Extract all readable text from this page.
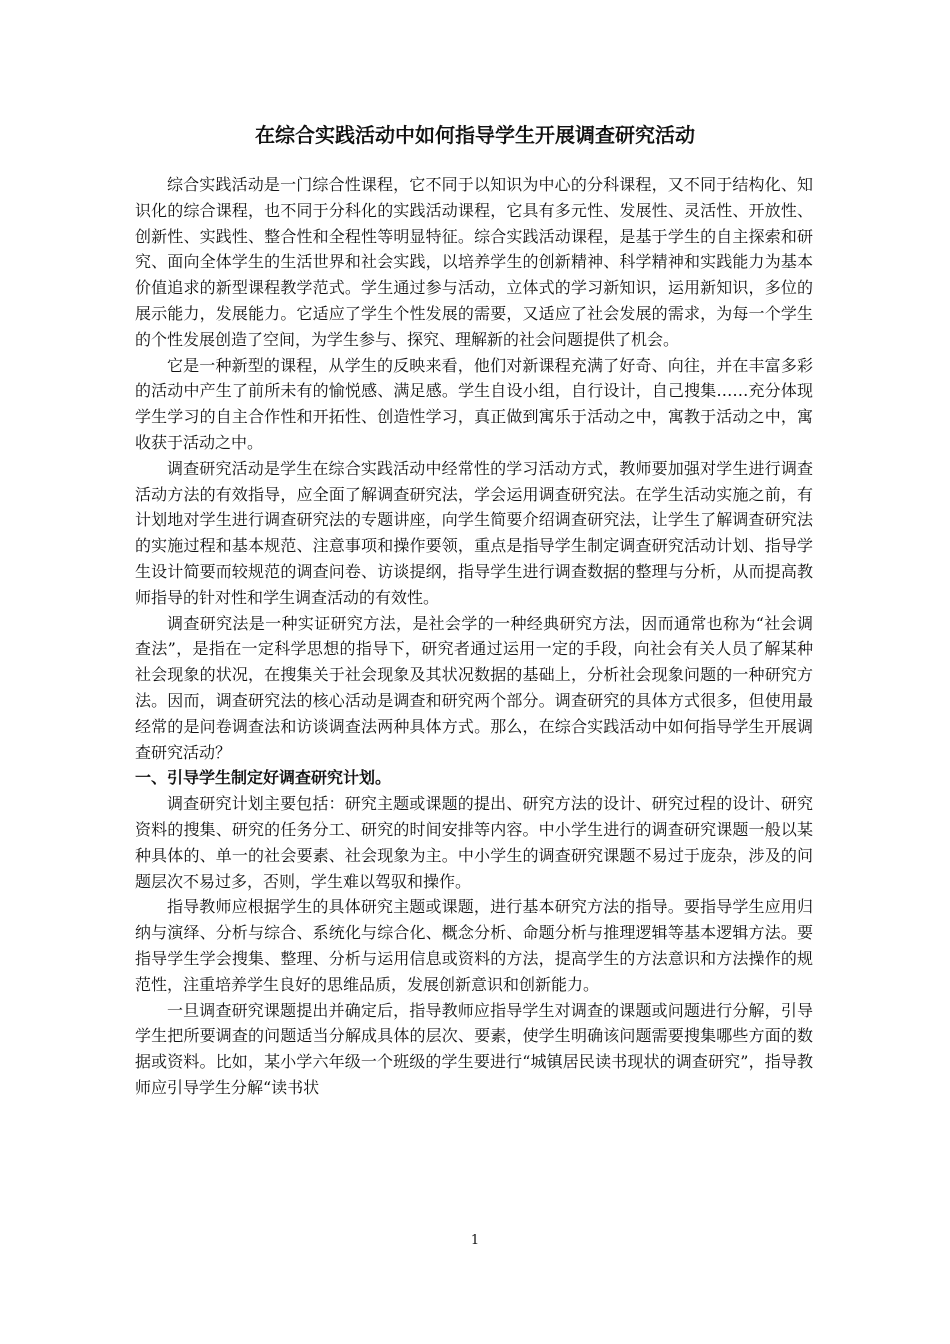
在综合实践活动中如何指导学生开展调查研究活动

综合实践活动是一门综合性课程，它不同于以知识为中心的分科课程，又不同于结构化、知识化的综合课程，也不同于分科化的实践活动课程，它具有多元性、发展性、灵活性、开放性、创新性、实践性、整合性和全程性等明显特征。综合实践活动课程，是基于学生的自主探索和研究、面向全体学生的生活世界和社会实践，以培养学生的创新精神、科学精神和实践能力为基本价值追求的新型课程教学范式。学生通过参与活动，立体式的学习新知识，运用新知识，多位的展示能力，发展能力。它适应了学生个性发展的需要，又适应了社会发展的需求，为每一个学生的个性发展创造了空间，为学生参与、探究、理解新的社会问题提供了机会。

它是一种新型的课程，从学生的反映来看，他们对新课程充满了好奇、向往，并在丰富多彩的活动中产生了前所未有的愉悦感、满足感。学生自设小组，自行设计，自己搜集……充分体现学生学习的自主合作性和开拓性、创造性学习，真正做到寓乐于活动之中，寓教于活动之中，寓收获于活动之中。

调查研究活动是学生在综合实践活动中经常性的学习活动方式，教师要加强对学生进行调查活动方法的有效指导，应全面了解调查研究法，学会运用调查研究法。在学生活动实施之前，有计划地对学生进行调查研究法的专题讲座，向学生简要介绍调查研究法，让学生了解调查研究法的实施过程和基本规范、注意事项和操作要领，重点是指导学生制定调查研究活动计划、指导学生设计简要而较规范的调查问卷、访谈提纲，指导学生进行调查数据的整理与分析，从而提高教师指导的针对性和学生调查活动的有效性。

调查研究法是一种实证研究方法，是社会学的一种经典研究方法，因而通常也称为“社会调查法”，是指在一定科学思想的指导下，研究者通过运用一定的手段，向社会有关人员了解某种社会现象的状况，在搜集关于社会现象及其状况数据的基础上，分析社会现象问题的一种研究方法。因而，调查研究法的核心活动是调查和研究两个部分。调查研究的具体方式很多，但使用最经常的是问卷调查法和访谈调查法两种具体方式。那么，在综合实践活动中如何指导学生开展调查研究活动？

一、引导学生制定好调查研究计划。

调查研究计划主要包括：研究主题或课题的提出、研究方法的设计、研究过程的设计、研究资料的搜集、研究的任务分工、研究的时间安排等内容。中小学生进行的调查研究课题一般以某种具体的、单一的社会要素、社会现象为主。中小学生的调查研究课题不易过于庞杂，涉及的问题层次不易过多，否则，学生难以驾驭和操作。

指导教师应根据学生的具体研究主题或课题，进行基本研究方法的指导。要指导学生应用归纳与演绎、分析与综合、系统化与综合化、概念分析、命题分析与推理逻辑等基本逻辑方法。要指导学生学会搜集、整理、分析与运用信息或资料的方法，提高学生的方法意识和方法操作的规范性，注重培养学生良好的思维品质，发展创新意识和创新能力。

一旦调查研究课题提出并确定后，指导教师应指导学生对调查的课题或问题进行分解，引导学生把所要调查的问题适当分解成具体的层次、要素，使学生明确该问题需要搜集哪些方面的数据或资料。比如，某小学六年级一个班级的学生要进行“城镇居民读书现状的调查研究”，指导教师应引导学生分解“读书状

1
